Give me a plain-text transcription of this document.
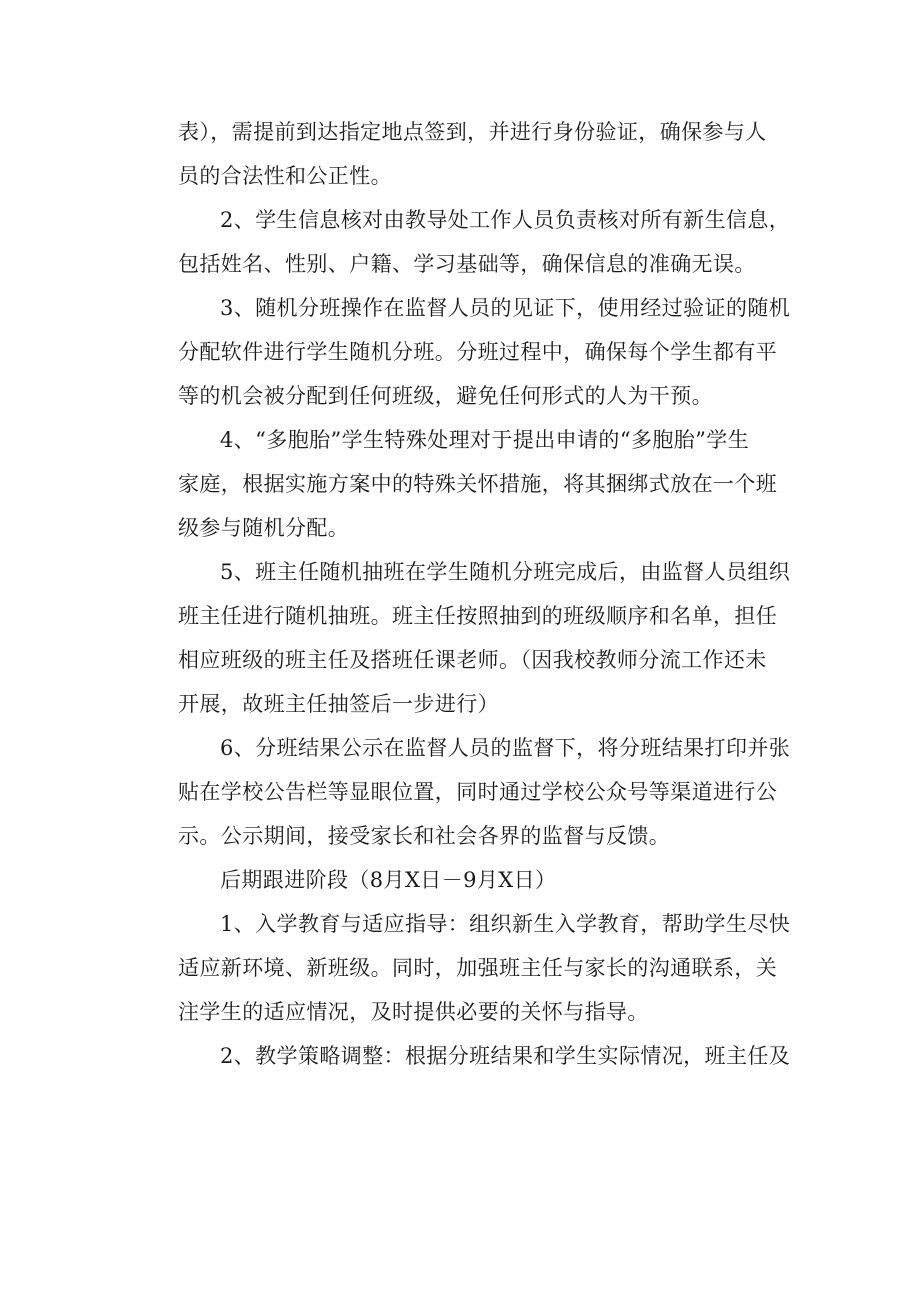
表），需提前到达指定地点签到，并进行身份验证，确保参与人
员的合法性和公正性。
2、学生信息核对由教导处工作人员负责核对所有新生信息，
包括姓名、性别、户籍、学习基础等，确保信息的准确无误。
3、随机分班操作在监督人员的见证下，使用经过验证的随机
分配软件进行学生随机分班。分班过程中，确保每个学生都有平
等的机会被分配到任何班级，避免任何形式的人为干预。
4、“多胞胎”学生特殊处理对于提出申请的“多胞胎”学生
家庭，根据实施方案中的特殊关怀措施，将其捆绑式放在一个班
级参与随机分配。
5、班主任随机抽班在学生随机分班完成后，由监督人员组织
班主任进行随机抽班。班主任按照抽到的班级顺序和名单，担任
相应班级的班主任及搭班任课老师。（因我校教师分流工作还未
开展，故班主任抽签后一步进行）
6、分班结果公示在监督人员的监督下，将分班结果打印并张
贴在学校公告栏等显眼位置，同时通过学校公众号等渠道进行公
示。公示期间，接受家长和社会各界的监督与反馈。
后期跟进阶段（8月X日－9月X日）
1、入学教育与适应指导：组织新生入学教育，帮助学生尽快
适应新环境、新班级。同时，加强班主任与家长的沟通联系，关
注学生的适应情况，及时提供必要的关怀与指导。
2、教学策略调整：根据分班结果和学生实际情况，班主任及
